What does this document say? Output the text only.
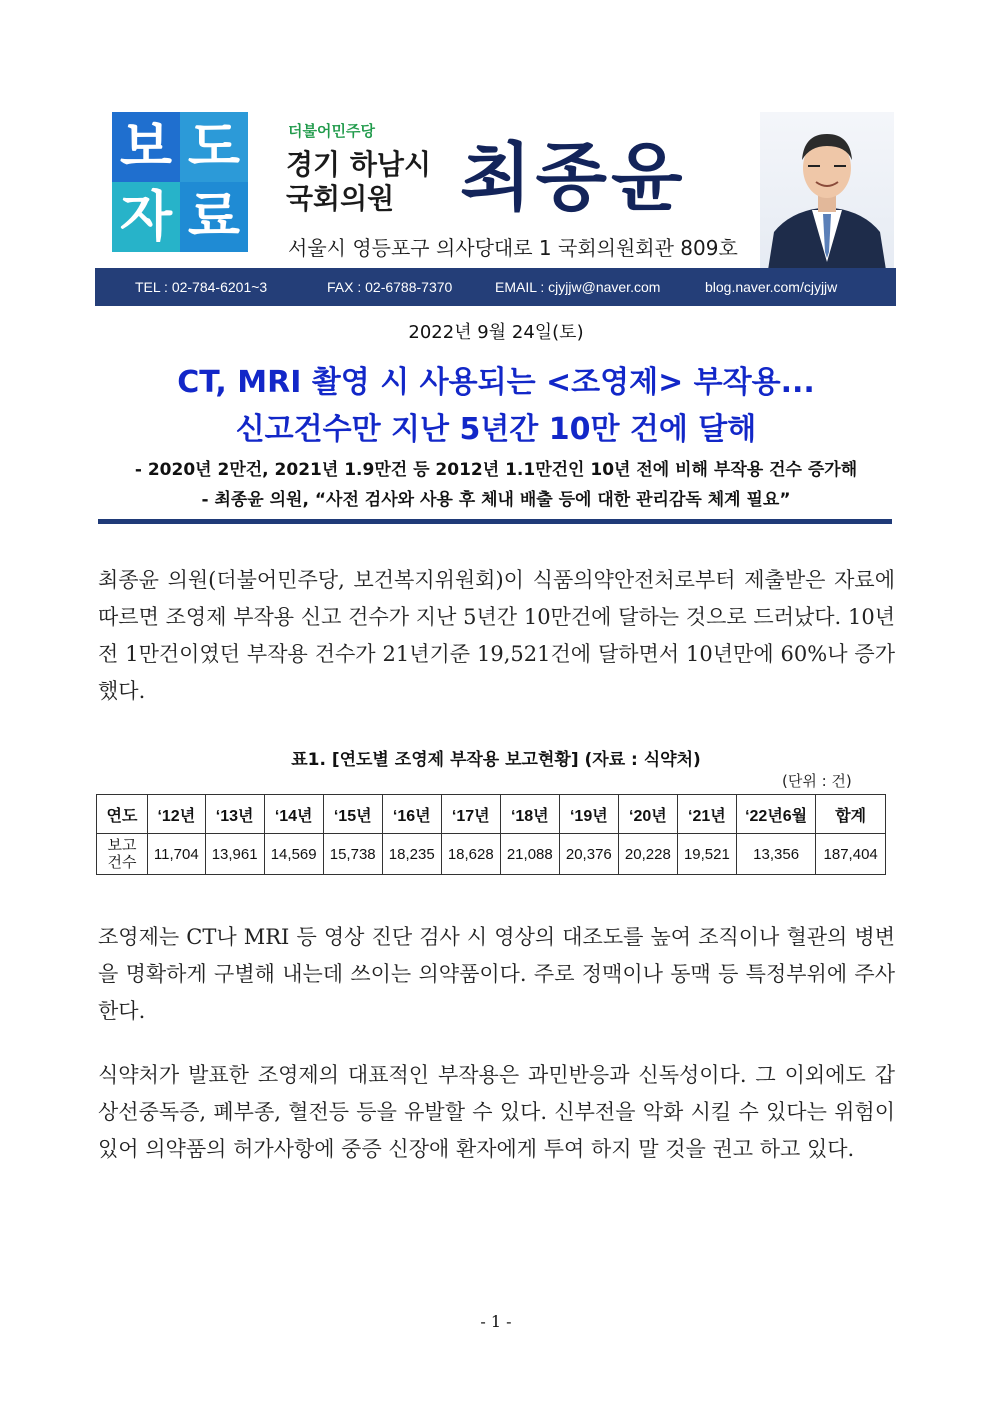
보 도
자 료
더불어민주당
경기 하남시
국회의원 최종윤
서울시 영등포구 의사당대로 1 국회의원회관 809호
TEL : 02-784-6201~3	FAX : 02-6788-7370	EMAIL : cjyjjw@naver.com	blog.naver.com/cjyjjw
2022년 9월 24일(토)
CT, MRI 촬영 시 사용되는 <조영제> 부작용...
신고건수만 지난 5년간 10만 건에 달해
- 2020년 2만건, 2021년 1.9만건 등 2012년 1.1만건인 10년 전에 비해 부작용 건수 증가해
- 최종윤 의원, “사전 검사와 사용 후 체내 배출 등에 대한 관리감독 체계 필요”

최종윤 의원(더불어민주당, 보건복지위원회)이 식품의약안전처로부터 제출받은 자료에 따르면 조영제 부작용 신고 건수가 지난 5년간 10만건에 달하는 것으로 드러났다. 10년 전 1만건이였던 부작용 건수가 21년기준 19,521건에 달하면서 10년만에 60%나 증가했다.

표1. [연도별 조영제 부작용 보고현황] (자료 : 식약처)
(단위 : 건)
연도	‘12년	‘13년	‘14년	‘15년	‘16년	‘17년	‘18년	‘19년	‘20년	‘21년	‘22년6월	합계

보고
건수	11,704	13,961	14,569	15,738	18,235	18,628	21,088	20,376	20,228	19,521	13,356	187,404

조영제는 CT나 MRI 등 영상 진단 검사 시 영상의 대조도를 높여 조직이나 혈관의 병변을 명확하게 구별해 내는데 쓰이는 의약품이다. 주로 정맥이나 동맥 등 특정부위에 주사한다.

식약처가 발표한 조영제의 대표적인 부작용은 과민반응과 신독성이다. 그 이외에도 갑상선중독증, 폐부종, 혈전등 등을 유발할 수 있다. 신부전을 악화 시킬 수 있다는 위험이 있어 의약품의 허가사항에 중증 신장애 환자에게 투여 하지 말 것을 권고 하고 있다.

- 1 -
